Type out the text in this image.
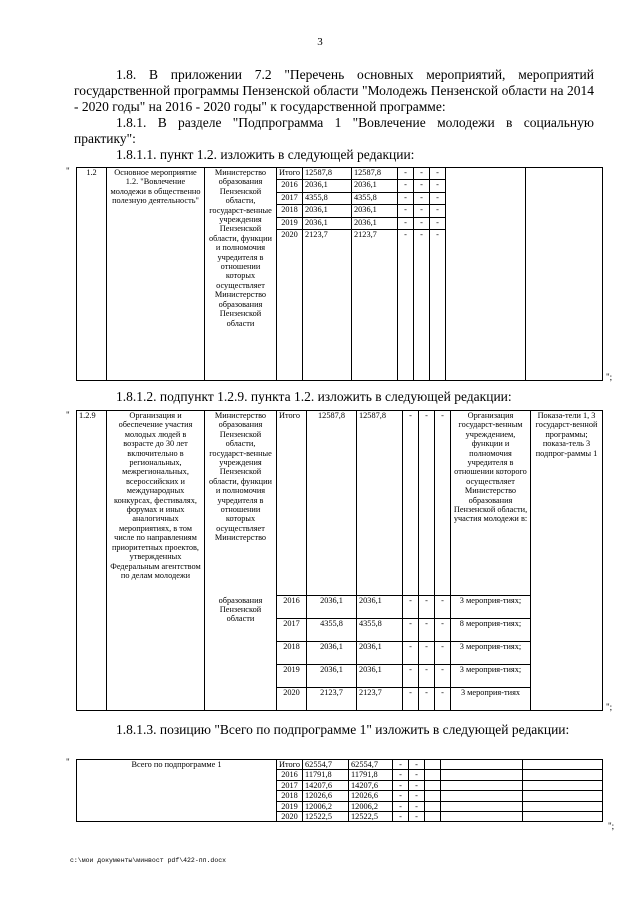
3
1.8. В приложении 7.2 "Перечень основных мероприятий, мероприятий государственной программы Пензенской области "Молодежь Пензенской области на 2014 - 2020 годы" на 2016 - 2020 годы" к государственной программе:
1.8.1. В разделе "Подпрограмма 1 "Вовлечение молодежи в социальную практику":
1.8.1.1. пункт 1.2. изложить в следующей редакции:
" 1.2	Основное мероприятие 1.2. "Вовлечение молодежи в общественно полезную деятельность"	Министерство образования Пензенской области, государст-венные учреждения Пензенской области, функции и полномочия учредителя в отношении которых осуществляет Министерство образования Пензенской области	Итого	12587,8	12587,8	-	-	-		
			2016	2036,1	2036,1	-	-	-		
			2017	4355,8	4355,8	-	-	-		
			2018	2036,1	2036,1	-	-	-		
			2019	2036,1	2036,1	-	-	-		
			2020	2123,7	2123,7	-	-	-		
";
1.8.1.2. подпункт 1.2.9. пункта 1.2. изложить в следующей редакции:
" 1.2.9	Организация и обеспечение участия молодых людей в возрасте до 30 лет включительно в региональных, межрегиональных, всероссийских и международных конкурсах, фестивалях, форумах и иных аналогичных мероприятиях, в том числе по направлениям приоритетных проектов, утвержденных Федеральным агентством по делам молодежи	Министерство образования Пензенской области, государст-венные учреждения Пензенской области, функции и полномочия учредителя в отношении которых осуществляет Министерство	Итого	12587,8	12587,8	-	-	-	Организация государст-венным учреждением, функции и полномочия учредителя в отношении которого осуществляет Министерство образования Пензенской области, участия молодежи в:	Показа-тели 1, 3 государст-венной программы; показа-тель 3 подпрог-раммы 1
		образования Пензенской области	2016	2036,1	2036,1	-	-	-	3 мероприя-тиях;	
			2017	4355,8	4355,8	-	-	-	8 мероприя-тиях;	
			2018	2036,1	2036,1	-	-	-	3 мероприя-тиях;	
			2019	2036,1	2036,1	-	-	-	3 мероприя-тиях;	
			2020	2123,7	2123,7	-	-	-	3 мероприя-тиях	
";
1.8.1.3. позицию "Всего по подпрограмме 1" изложить в следующей редакции:
"	Всего по подпрограмме 1	Итого	62554,7	62554,7	-	-			
	2016	11791,8	11791,8	-	-			
	2017	14207,6	14207,6	-	-			
	2018	12026,6	12026,6	-	-			
	2019	12006,2	12006,2	-	-			
	2020	12522,5	12522,5	-	-			
";
c:\мои документы\минвост pdf\422-пп.docx
